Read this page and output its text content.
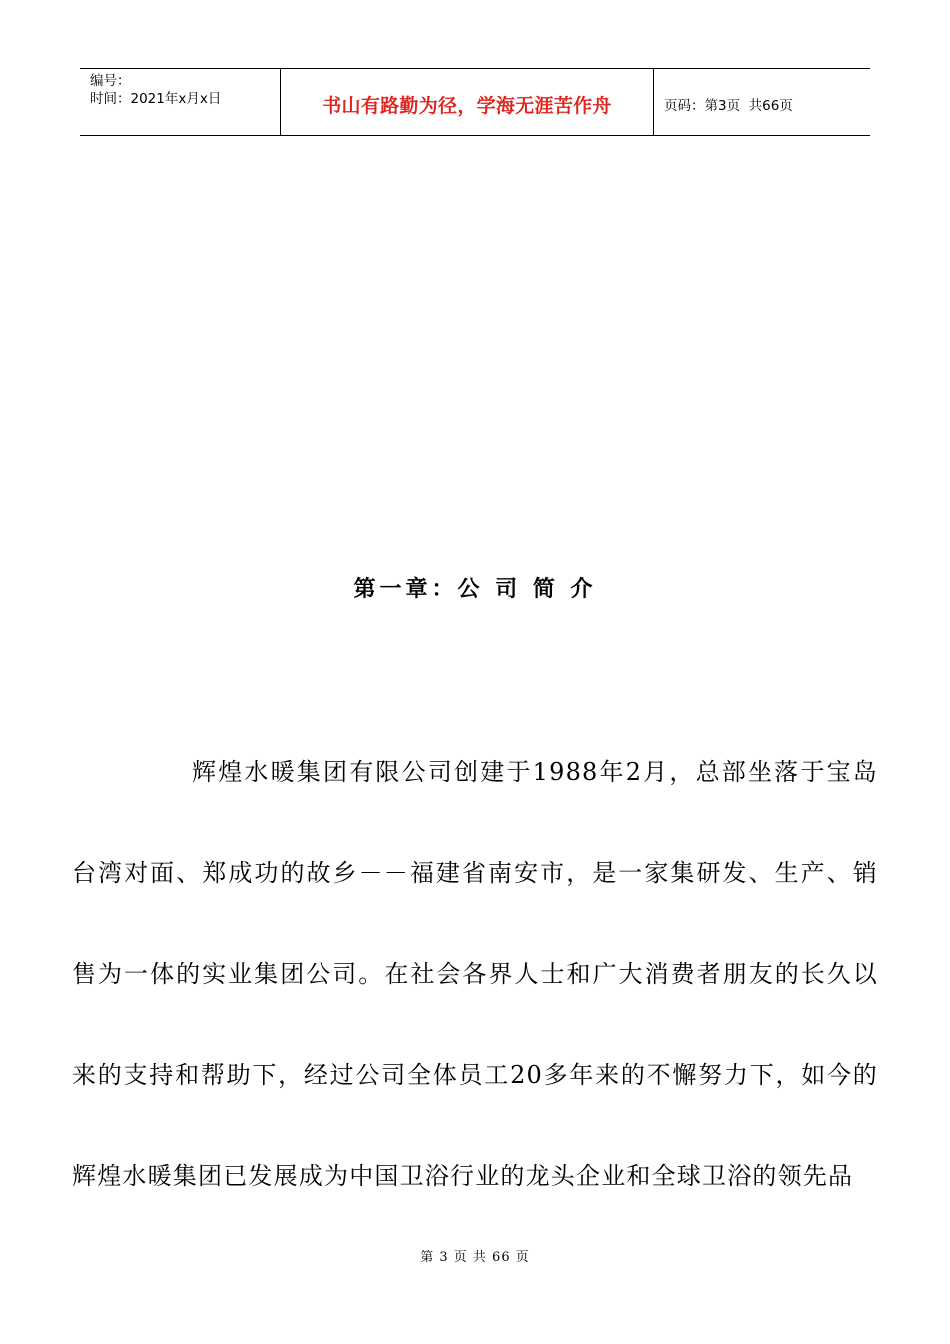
编号：
时间：2021年x月x日	书山有路勤为径，学海无涯苦作舟	页码：第3页  共66页
第一章：公 司 简 介

辉煌水暖集团有限公司创建于1988年2月，总部坐落于宝岛台湾对面、郑成功的故乡－－福建省南安市，是一家集研发、生产、销售为一体的实业集团公司。在社会各界人士和广大消费者朋友的长久以来的支持和帮助下，经过公司全体员工20多年来的不懈努力下，如今的辉煌水暖集团已发展成为中国卫浴行业的龙头企业和全球卫浴的领先品

第 3 页 共 66 页
